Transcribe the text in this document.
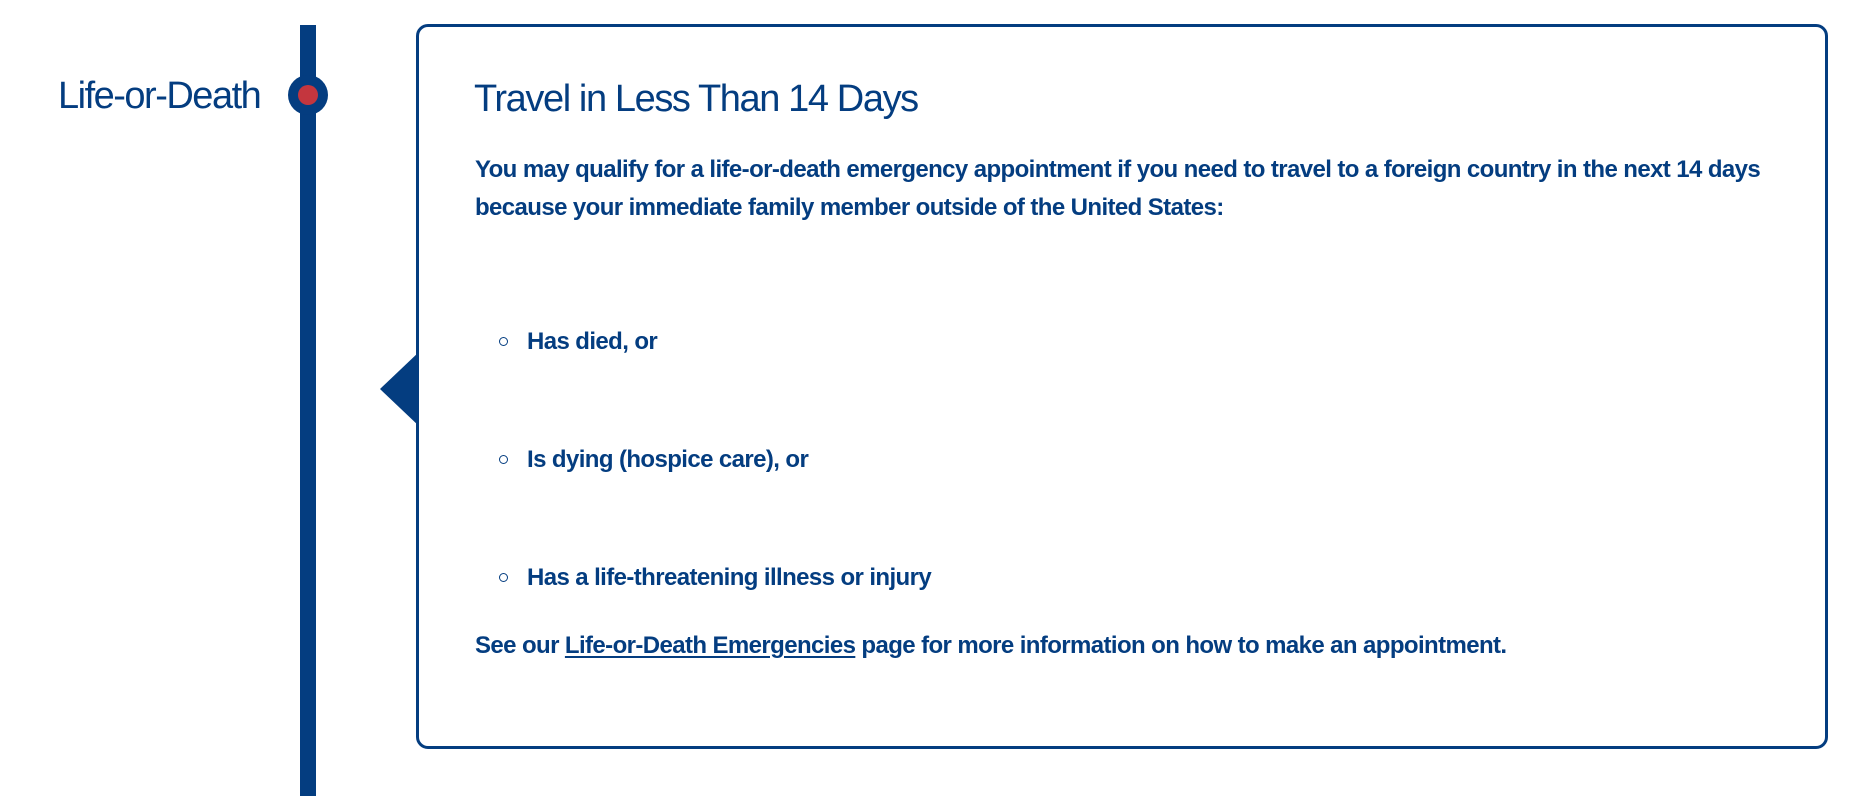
Life-or-Death	Travel in Less Than 14 Days

You may qualify for a life-or-death emergency appointment if you need to travel to a foreign country in the next 14 days because your immediate family member outside of the United States:

Has died, or
Is dying (hospice care), or
Has a life-threatening illness or injury

See our Life-or-Death Emergencies page for more information on how to make an appointment.
